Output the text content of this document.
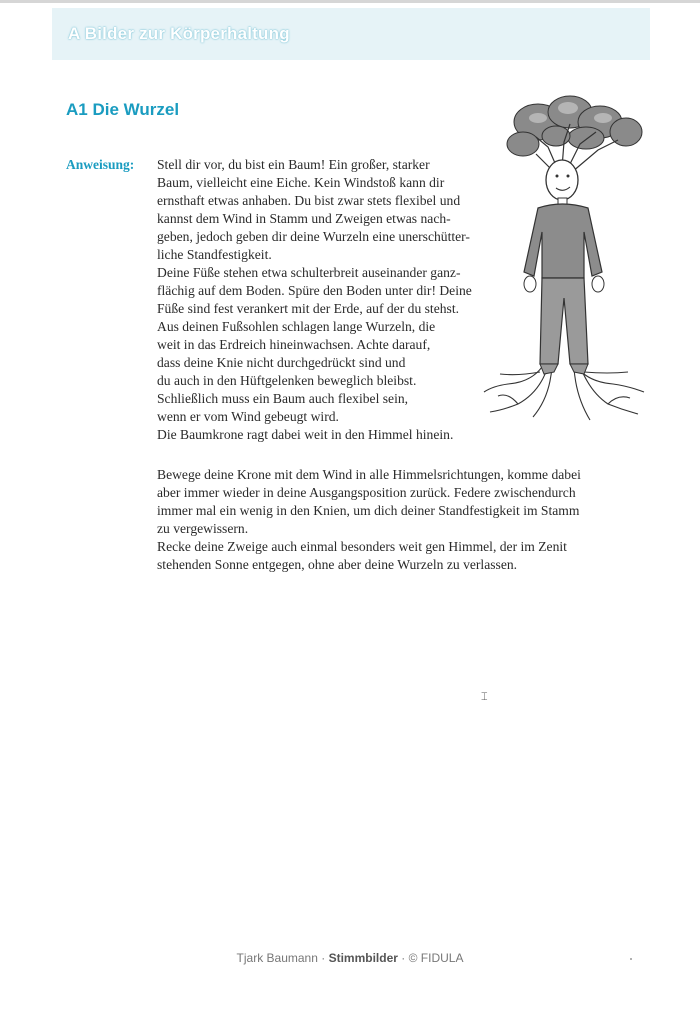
A Bilder zur Körperhaltung
A1 Die Wurzel
Anweisung: Stell dir vor, du bist ein Baum! Ein großer, starker
Baum, vielleicht eine Eiche. Kein Windstoß kann dir
ernsthaft etwas anhaben. Du bist zwar stets flexibel und
kannst dem Wind in Stamm und Zweigen etwas nach-
geben, jedoch geben dir deine Wurzeln eine unerschütter-
liche Standfestigkeit.
Deine Füße stehen etwa schulterbreit auseinander ganz-
flächig auf dem Boden. Spüre den Boden unter dir! Deine
Füße sind fest verankert mit der Erde, auf der du stehst.
Aus deinen Fußsohlen schlagen lange Wurzeln, die
weit in das Erdreich hineinwachsen. Achte darauf,
dass deine Knie nicht durchgedrückt sind und
du auch in den Hüftgelenken beweglich bleibst.
Schließlich muss ein Baum auch flexibel sein,
wenn er vom Wind gebeugt wird.
Die Baumkrone ragt dabei weit in den Himmel hinein.
Bewege deine Krone mit dem Wind in alle Himmelsrichtungen, komme dabei
aber immer wieder in deine Ausgangsposition zurück. Federe zwischendurch
immer mal ein wenig in den Knien, um dich deiner Standfestigkeit im Stamm
zu vergewissern.
Recke deine Zweige auch einmal besonders weit gen Himmel, der im Zenit
stehenden Sonne entgegen, ohne aber deine Wurzeln zu verlassen.
⌶
Tjark Baumann · Stimmbilder · © FIDULA
